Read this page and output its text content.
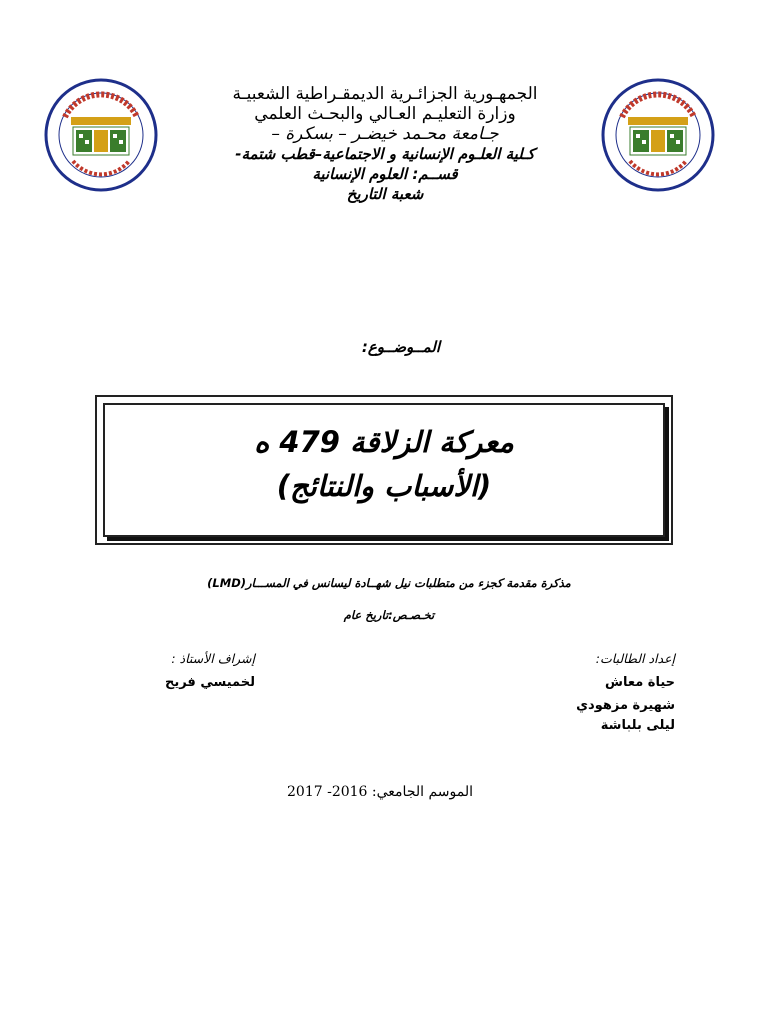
الجمهـورية الجزائـرية الديمقـراطية الشعبيـة
وزارة التعليـم العـالي والبحـث العلمي
جـامعة محـمد خيضـر – بسكرة –
كـلية العلـوم الإنسانية و الاجتماعية–قطب شتمة-
قســم: العلوم الإنسانية
شعبة التاريخ
المــوضــوع:
معركة الزلاقة 479 ه
(الأسباب والنتائج)
مذكرة مقدمة كجزء من متطلبات نيل شهــادة ليسانس في المســـار(LMD)
تخـصـص:تاريخ عام
إعداد الطالبات:
حياة معاش
شهيرة مزهودي
ليلى بلباشة
إشراف الأستاذ :
لخميسي فريح
الموسم الجامعي: 2016- 2017
